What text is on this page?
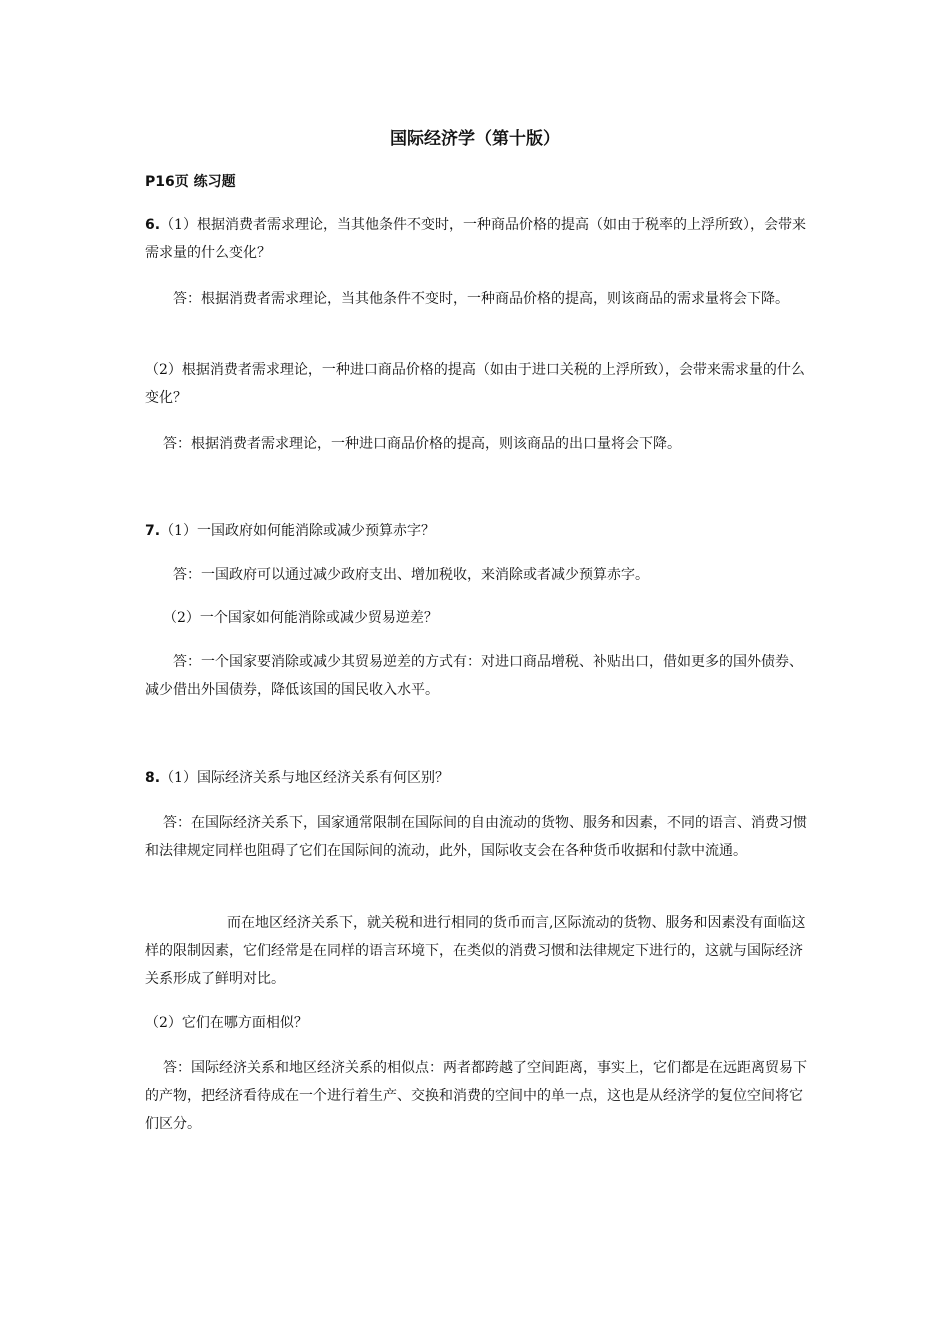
国际经济学（第十版）
P16页 练习题

6.（1）根据消费者需求理论，当其他条件不变时，一种商品价格的提高（如由于税率的上浮所致），会带来需求量的什么变化？

答：根据消费者需求理论，当其他条件不变时，一种商品价格的提高，则该商品的需求量将会下降。

（2）根据消费者需求理论，一种进口商品价格的提高（如由于进口关税的上浮所致），会带来需求量的什么变化？

答：根据消费者需求理论，一种进口商品价格的提高，则该商品的出口量将会下降。

7.（1）一国政府如何能消除或减少预算赤字？

答：一国政府可以通过减少政府支出、增加税收，来消除或者减少预算赤字。

（2）一个国家如何能消除或减少贸易逆差？

答：一个国家要消除或减少其贸易逆差的方式有：对进口商品增税、补贴出口，借如更多的国外债券、减少借出外国债券，降低该国的国民收入水平。

8.（1）国际经济关系与地区经济关系有何区别？

答：在国际经济关系下，国家通常限制在国际间的自由流动的货物、服务和因素，不同的语言、消费习惯和法律规定同样也阻碍了它们在国际间的流动，此外，国际收支会在各种货币收据和付款中流通。

而在地区经济关系下，就关税和进行相同的货币而言,区际流动的货物、服务和因素没有面临这样的限制因素，它们经常是在同样的语言环境下，在类似的消费习惯和法律规定下进行的，这就与国际经济关系形成了鲜明对比。

（2）它们在哪方面相似？

答：国际经济关系和地区经济关系的相似点：两者都跨越了空间距离，事实上，它们都是在远距离贸易下的产物，把经济看待成在一个进行着生产、交换和消费的空间中的单一点，这也是从经济学的复位空间将它们区分。
